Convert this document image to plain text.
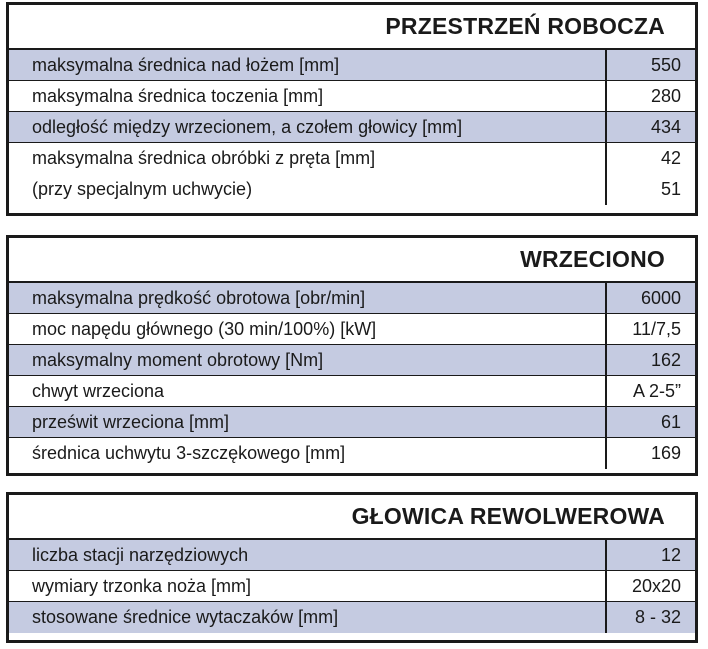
PRZESTRZEŃ ROBOCZA
maksymalna średnica nad łożem [mm]	550
maksymalna średnica toczenia [mm]	280
odległość między wrzecionem, a czołem głowicy [mm]	434
maksymalna średnica obróbki z pręta [mm]	42
(przy specjalnym uchwycie)	51
WRZECIONO
maksymalna prędkość obrotowa [obr/min]	6000
moc napędu głównego (30 min/100%) [kW]	11/7,5
maksymalny moment obrotowy [Nm]	162
chwyt wrzeciona	A 2-5”
prześwit wrzeciona [mm]	61
średnica uchwytu 3-szczękowego [mm]	169
GŁOWICA REWOLWEROWA
liczba stacji narzędziowych	12
wymiary trzonka noża [mm]	20x20
stosowane średnice wytaczaków [mm]	8 - 32
